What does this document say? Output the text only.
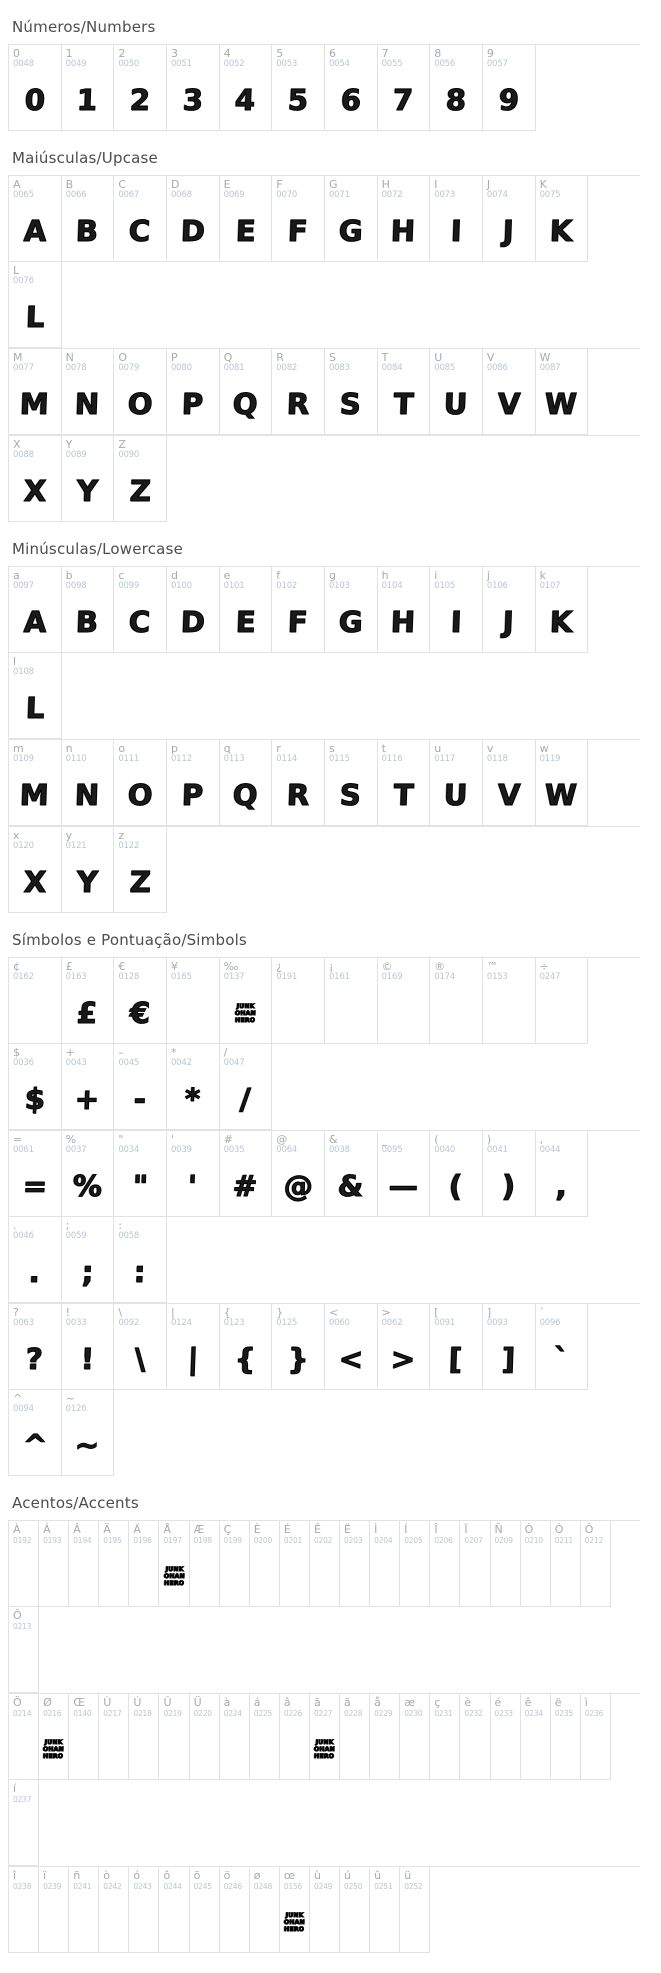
Números/Numbers
0
0048
0
1
0049
1
2
0050
2
3
0051
3
4
0052
4
5
0053
5
6
0054
6
7
0055
7
8
0056
8
9
0057
9
Maiúsculas/Upcase
A
0065
A
B
0066
B
C
0067
C
D
0068
D
E
0069
E
F
0070
F
G
0071
G
H
0072
H
I
0073
I
J
0074
J
K
0075
K
L
0076
L
M
0077
M
N
0078
N
O
0079
O
P
0080
P
Q
0081
Q
R
0082
R
S
0083
S
T
0084
T
U
0085
U
V
0086
V
W
0087
W
X
0088
X
Y
0089
Y
Z
0090
Z
Minúsculas/Lowercase
a
0097
A
b
0098
B
c
0099
C
d
0100
D
e
0101
E
f
0102
F
g
0103
G
h
0104
H
i
0105
I
j
0106
J
k
0107
K
l
0108
L
m
0109
M
n
0110
N
o
0111
O
p
0112
P
q
0113
Q
r
0114
R
s
0115
S
t
0116
T
u
0117
U
v
0118
V
w
0119
W
x
0120
X
y
0121
Y
z
0122
Z
Símbolos e Pontuação/Simbols
¢
0162
£
0163
£
€
0128
€
¥
0165
‰
0137
JUNK
OHAN
HERO
¿
0191
¡
0161
©
0169
®
0174
™
0153
÷
0247
$
0036
$
+
0043
+
–
0045
-
*
0042
*
/
0047
/
=
0061
=
%
0037
%
"
0034
"
'
0039
'
#
0035
#
@
0064
@
&
0038
&
_
0095
—
(
0040
(
)
0041
)
,
0044
,
.
0046
.
;
0059
;
:
0058
:
?
0063
?
!
0033
!
\
0092
\
|
0124
|
{
0123
{
}
0125
}
<
0060
<
>
0062
>
[
0091
[
]
0093
]
`
0096
`
^
0094
^
~
0126
~
Acentos/Accents
À
0192
Á
0193
Â
0194
Ã
0195
Ä
0196
Å
0197
JUNK
OHAN
HERO
Æ
0198
Ç
0199
È
0200
É
0201
Ê
0202
Ë
0203
Ì
0204
Í
0205
Î
0206
Ï
0207
Ñ
0209
Ò
0210
Ó
0211
Ô
0212
Õ
0213
Ö
0214
Ø
0216
JUNK
OHAN
HERO
Œ
0140
Ù
0217
Ú
0218
Û
0219
Ü
0220
à
0224
á
0225
â
0226
ã
0227
JUNK
OHAN
HERO
ä
0228
å
0229
æ
0230
ç
0231
è
0232
é
0233
ê
0234
ë
0235
ì
0236
í
0237
î
0238
ï
0239
ñ
0241
ò
0242
ó
0243
ô
0244
õ
0245
ö
0246
ø
0248
œ
0156
JUNK
OHAN
HERO
ù
0249
ú
0250
û
0251
ü
0252
